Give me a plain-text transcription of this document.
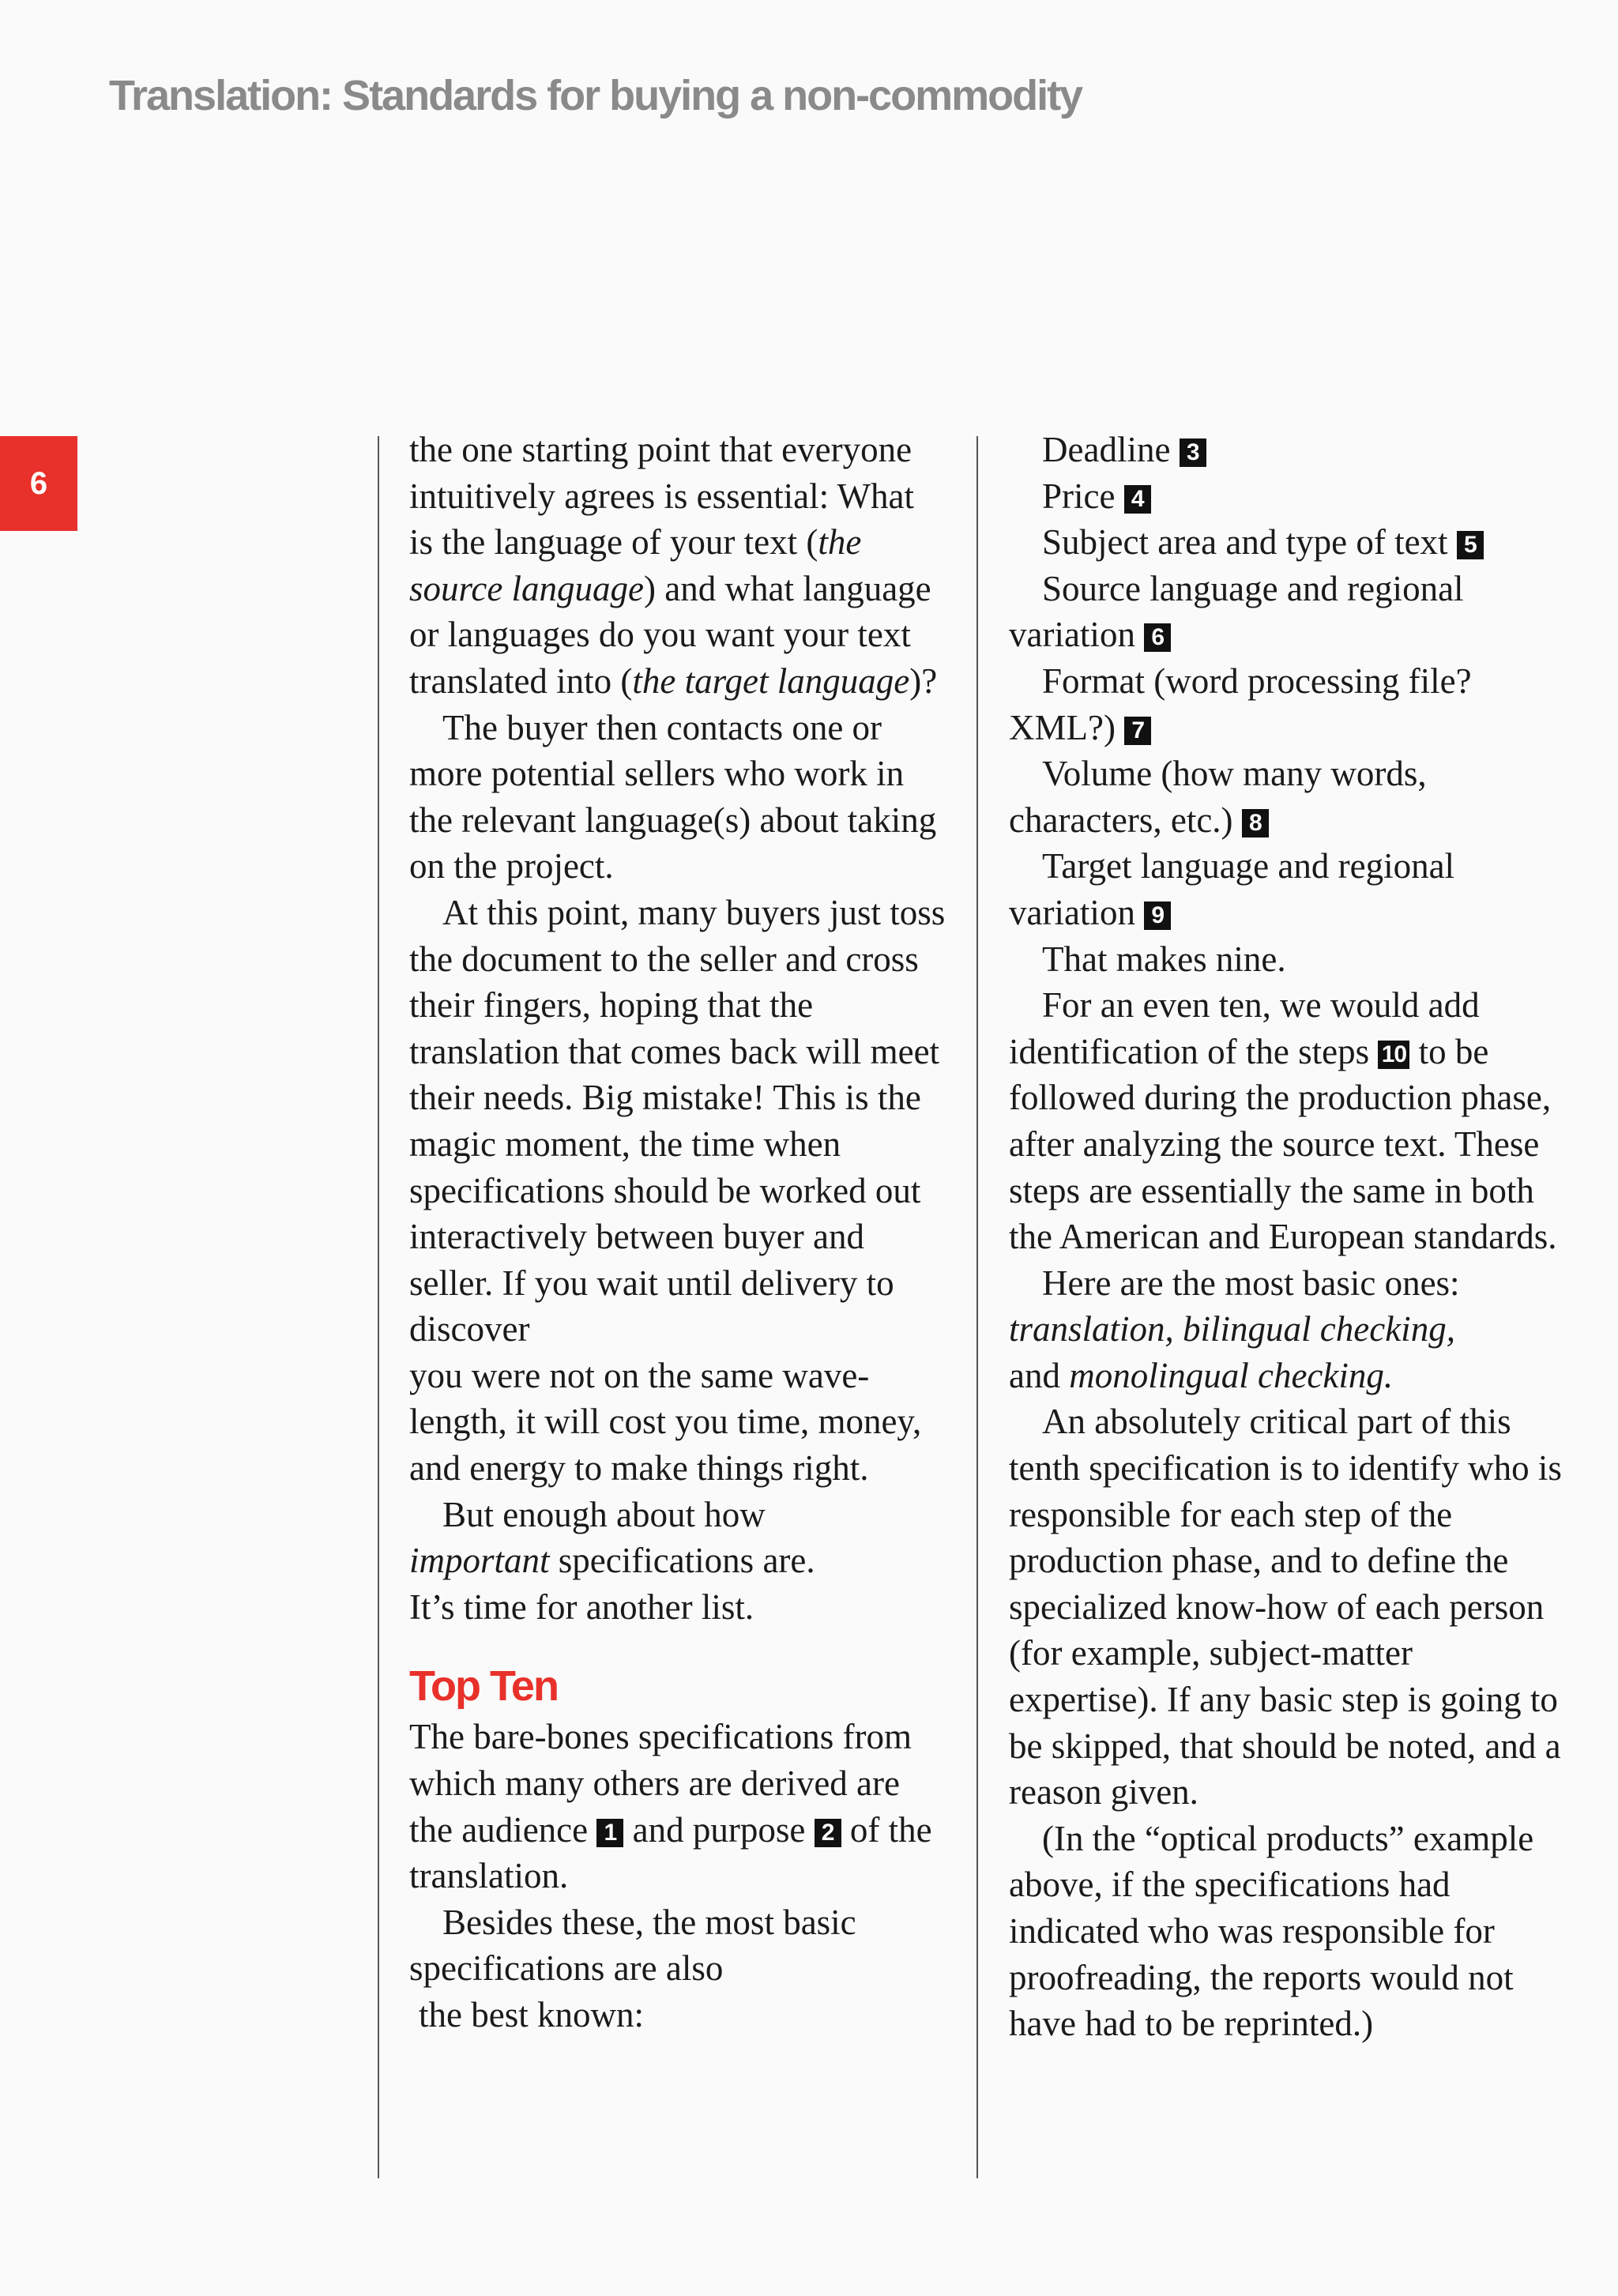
Translation: Standards for buying a non-commodity
6

the one starting point that everyone intuitively agrees is essential: What is the language of your text (the source language) and what language or languages do you want your text translated into (the target language)?

The buyer then contacts one or more potential sellers who work in the relevant language(s) about taking on the project.

At this point, many buyers just toss the document to the seller and cross their fingers, hoping that the translation that comes back will meet their needs. Big mistake! This is the magic moment, the time when specifications should be worked out interactively between buyer and seller. If you wait until delivery to discover

you were not on the same wave-length, it will cost you time, money, and energy to make things right.

But enough about how
important specifications are.
It’s time for another list.

Top Ten

The bare-bones specifications from which many others are derived are the audience 1 and purpose 2 of the translation.

Besides these, the most basic specifications are also

the best known:

Deadline 3

Price 4

Subject area and type of text 5

Source language and regional variation 6

Format (word processing file? XML?) 7

Volume (how many words, characters, etc.) 8

Target language and regional variation 9

That makes nine.

For an even ten, we would add identification of the steps 10 to be followed during the production phase, after analyzing the source text. These steps are essentially the same in both the American and European standards.

Here are the most basic ones:
translation, bilingual checking,
and monolingual checking.

An absolutely critical part of this tenth specification is to identify who is responsible for each step of the production phase, and to define the specialized know-how of each person (for example, subject-matter expertise). If any basic step is going to be skipped, that should be noted, and a reason given.

(In the “optical products” example above, if the specifications had indicated who was responsible for proofreading, the reports would not have had to be reprinted.)
